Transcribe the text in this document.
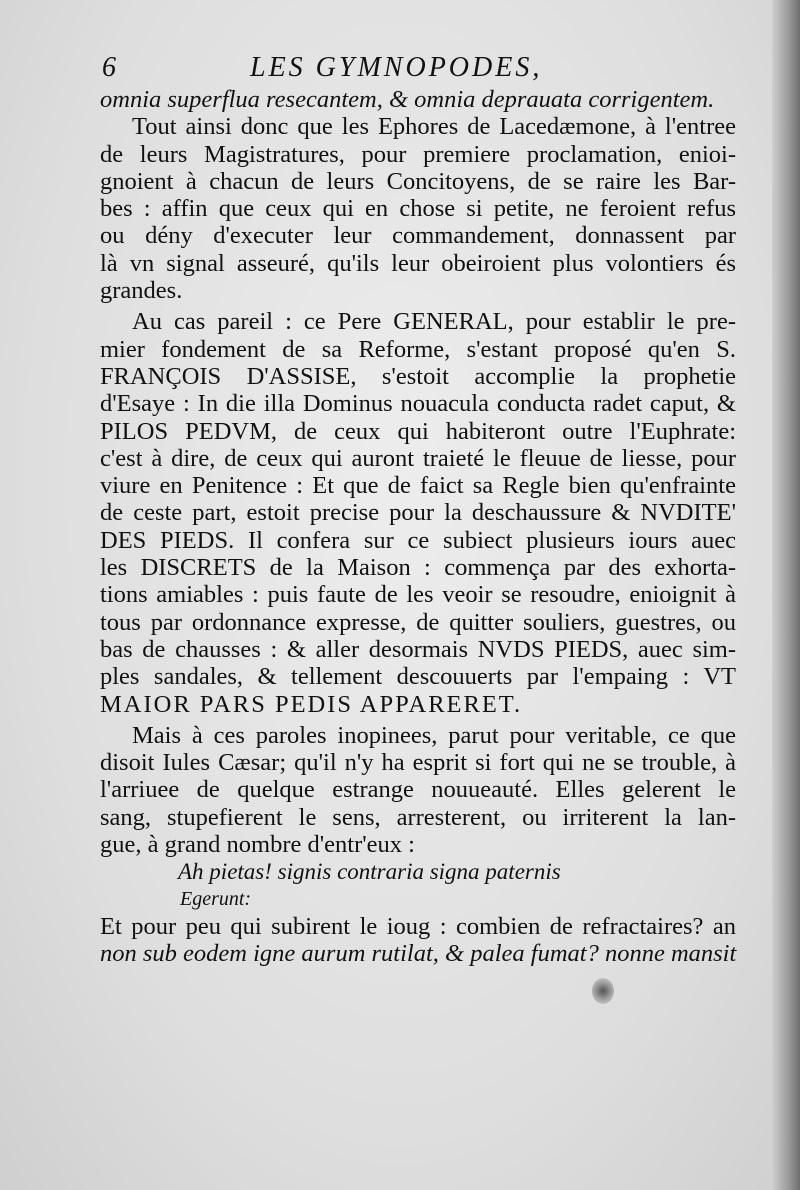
6	LES GYMNOPODES,
omnia superflua resecantem, & omnia deprauata corrigentem.
Tout ainsi donc que les Ephores de Lacedæmone, à l'entree
de leurs Magistratures, pour premiere proclamation, enioi-
gnoient à chacun de leurs Concitoyens, de se raire les Bar-
bes : affin que ceux qui en chose si petite, ne feroient refus
ou dény d'executer leur commandement, donnassent par
là vn signal asseuré, qu'ils leur obeiroient plus volontiers és
grandes.
Au cas pareil : ce Pere GENERAL, pour establir le pre-
mier fondement de sa Reforme, s'estant proposé qu'en S.
FRANÇOIS D'ASSISE, s'estoit accomplie la prophetie
d'Esaye : In die illa Dominus nouacula conducta radet caput, &
PILOS PEDVM, de ceux qui habiteront outre l'Euphrate:
c'est à dire, de ceux qui auront traieté le fleuue de liesse, pour
viure en Penitence : Et que de faict sa Regle bien qu'enfrainte
de ceste part, estoit precise pour la deschaussure & NVDITE'
DES PIEDS. Il confera sur ce subiect plusieurs iours auec
les DISCRETS de la Maison : commença par des exhorta-
tions amiables : puis faute de les veoir se resoudre, enioignit à
tous par ordonnance expresse, de quitter souliers, guestres, ou
bas de chausses : & aller desormais NVDS PIEDS, auec sim-
ples sandales, & tellement descouuerts par l'empaing : VT
MAIOR PARS PEDIS APPARERET.
Mais à ces paroles inopinees, parut pour veritable, ce que
disoit Iules Cæsar; qu'il n'y ha esprit si fort qui ne se trouble, à
l'arriuee de quelque estrange nouueauté. Elles gelerent le
sang, stupefierent le sens, arresterent, ou irriterent la lan-
gue, à grand nombre d'entr'eux :
Ah pietas! signis contraria signa paternis
Egerunt:
Et pour peu qui subirent le ioug : combien de refractaires? an
non sub eodem igne aurum rutilat, & palea fumat? nonne mansit
